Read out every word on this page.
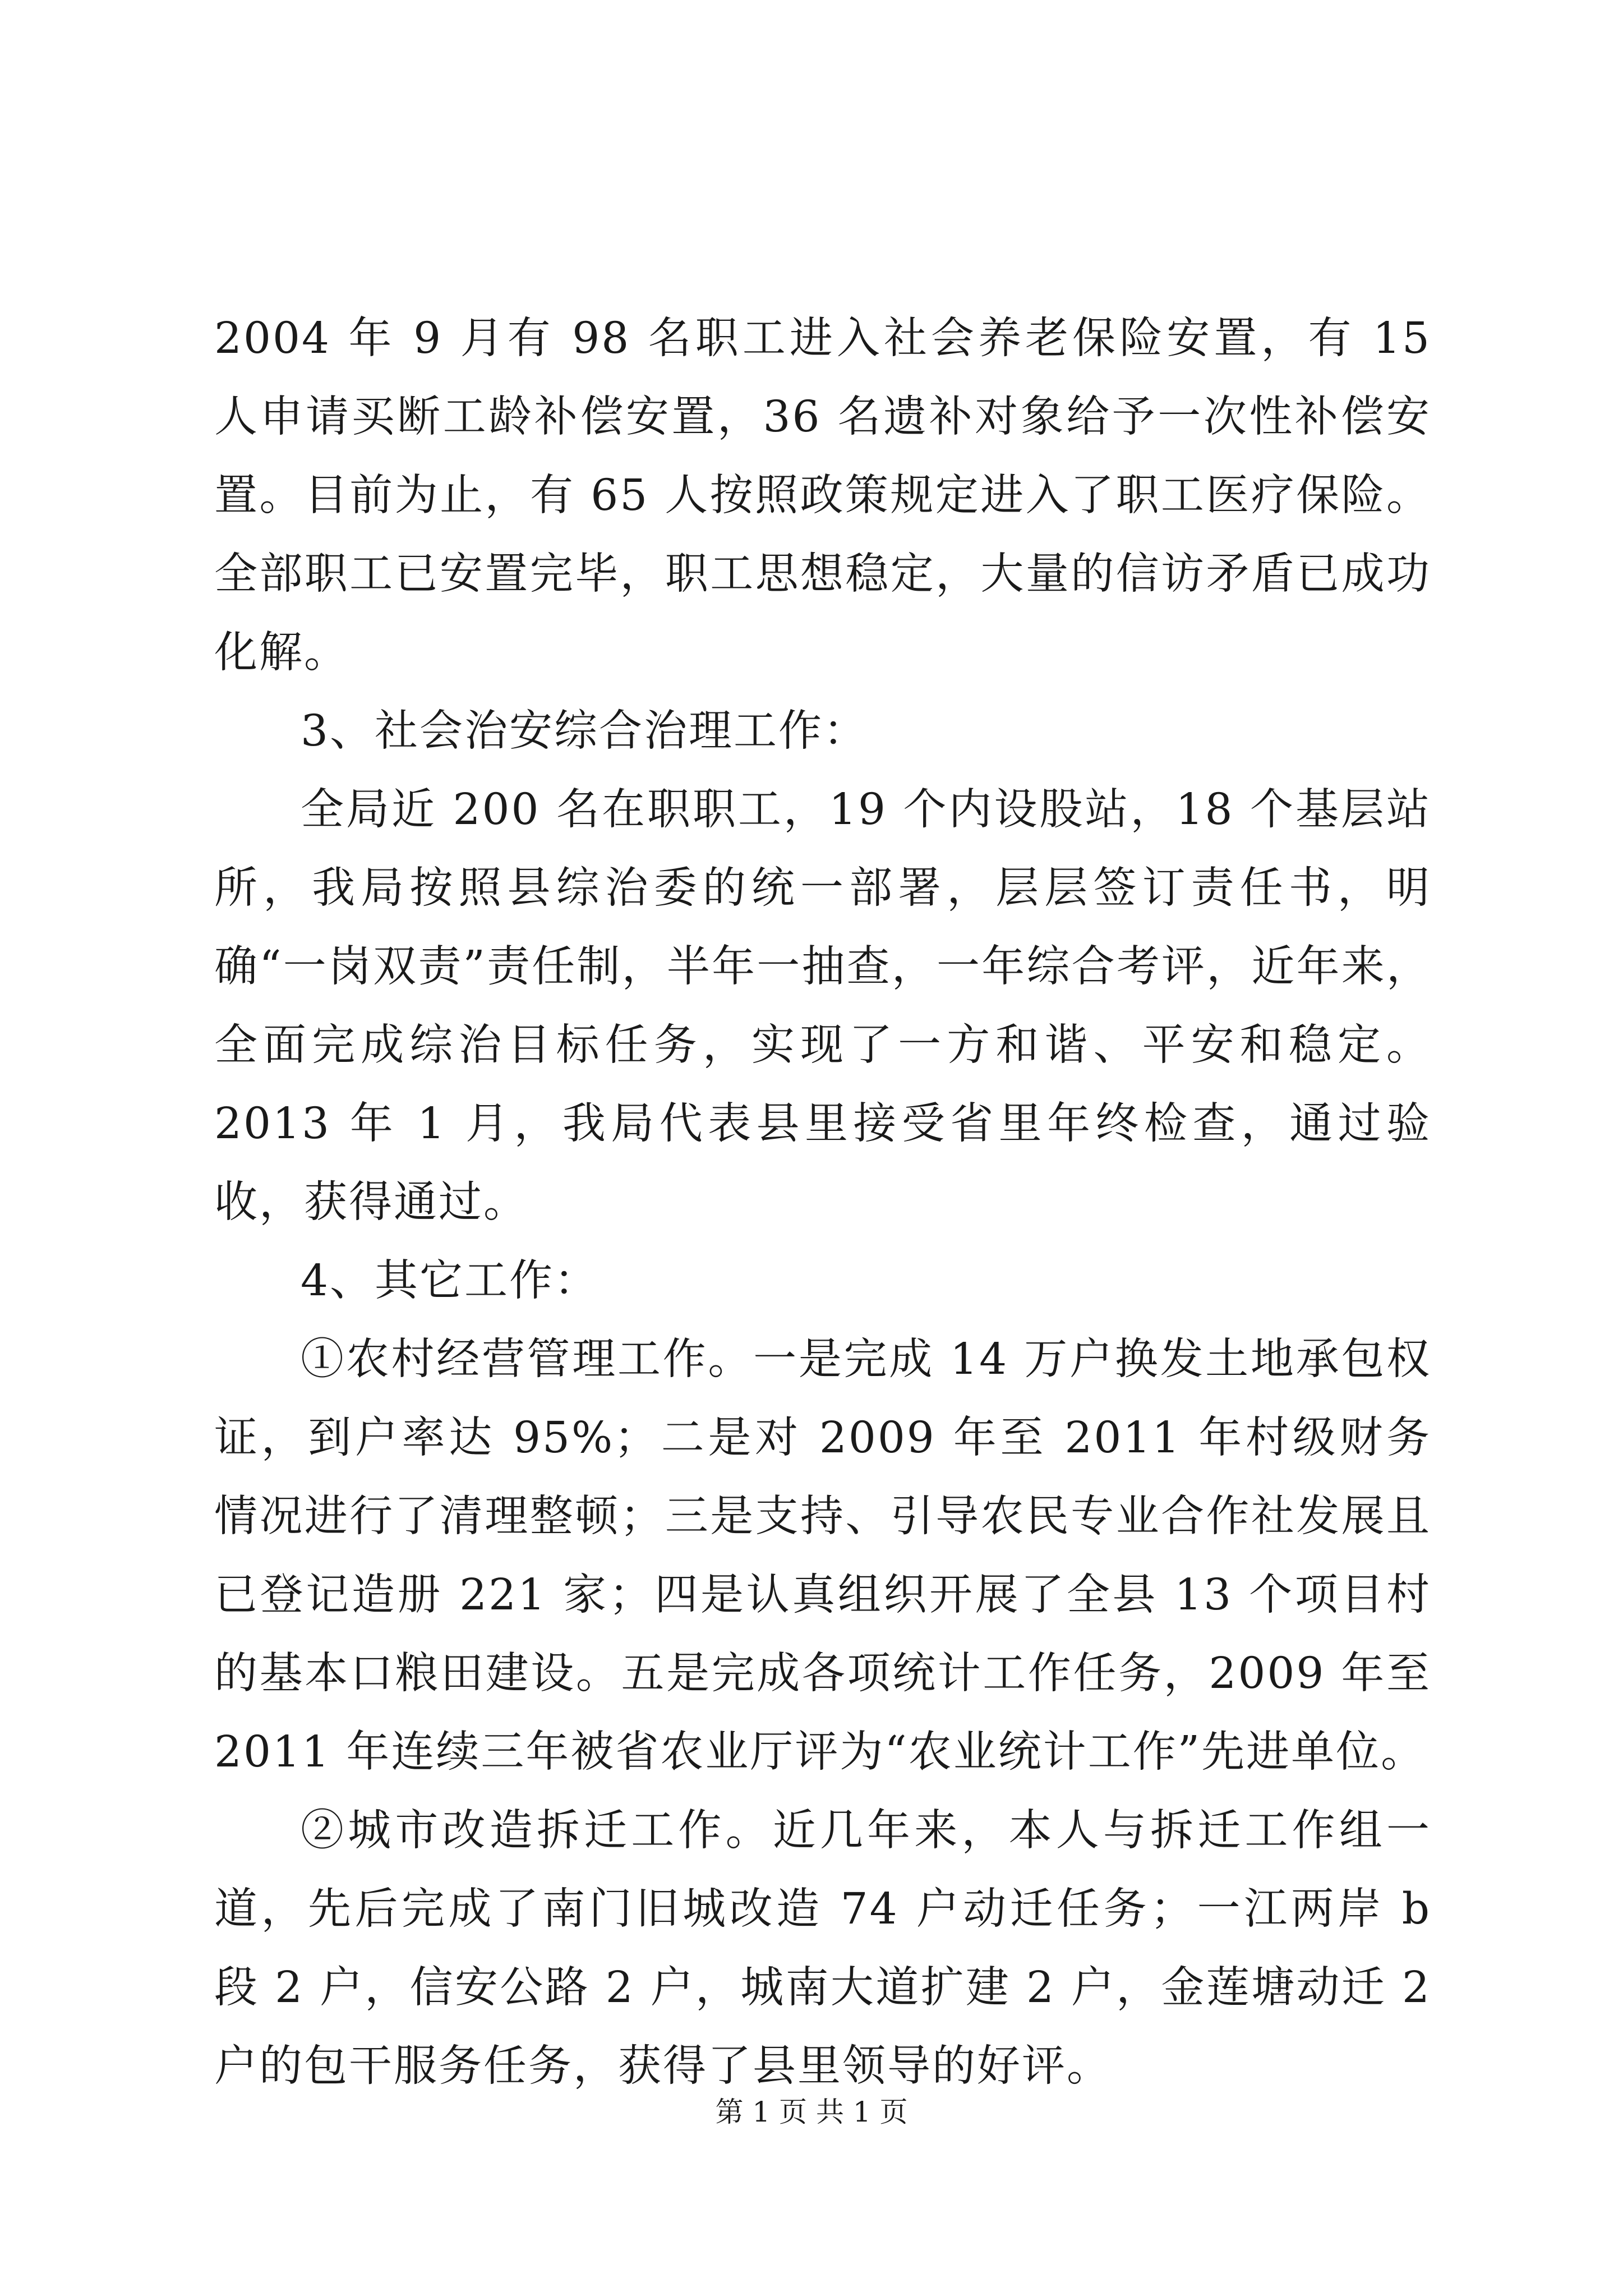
2004 年 9 月有 98 名职工进入社会养老保险安置，有 15 人申请买断工龄补偿安置，36 名遗补对象给予一次性补偿安置。目前为止，有 65 人按照政策规定进入了职工医疗保险。全部职工已安置完毕，职工思想稳定，大量的信访矛盾已成功化解。

3、社会治安综合治理工作：

全局近 200 名在职职工，19 个内设股站，18 个基层站所，我局按照县综治委的统一部署，层层签订责任书，明确“一岗双责”责任制，半年一抽查，一年综合考评，近年来，全面完成综治目标任务，实现了一方和谐、平安和稳定。2013 年 1 月，我局代表县里接受省里年终检查，通过验收，获得通过。

4、其它工作：

①农村经营管理工作。一是完成 14 万户换发土地承包权证，到户率达 95%；二是对 2009 年至 2011 年村级财务情况进行了清理整顿；三是支持、引导农民专业合作社发展且已登记造册 221 家；四是认真组织开展了全县 13 个项目村的基本口粮田建设。五是完成各项统计工作任务，2009 年至 2011 年连续三年被省农业厅评为“农业统计工作”先进单位。

②城市改造拆迁工作。近几年来，本人与拆迁工作组一道，先后完成了南门旧城改造 74 户动迁任务；一江两岸 b 段 2 户，信安公路 2 户，城南大道扩建 2 户，金莲塘动迁 2 户的包干服务任务，获得了县里领导的好评。

第 1 页 共 1 页
